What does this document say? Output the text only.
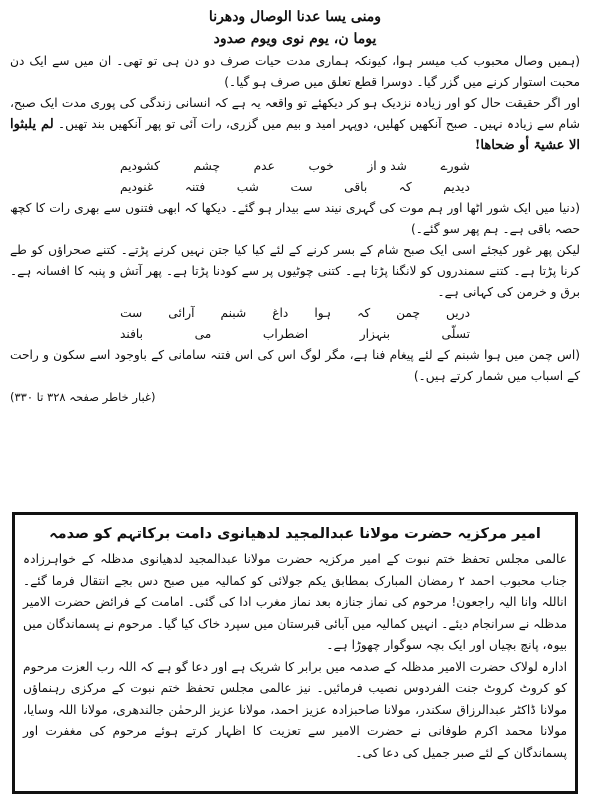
ومنی یسا عدنا الوصال ودھرنا

یوما ن، یوم نوی ویوم صدود

(ہمیں وصال محبوب کب میسر ہوا، کیونکہ ہماری مدت حیات صرف دو دن ہی تو تھی۔ ان میں سے ایک دن محبت استوار کرنے میں گزر گیا۔ دوسرا قطع تعلق میں صرف ہو گیا۔)

اور اگر حقیقت حال کو اور زیادہ نزدیک ہو کر دیکھئے تو واقعہ یہ ہے کہ انسانی زندگی کی پوری مدت ایک صبح، شام سے زیادہ نہیں۔ صبح آنکھیں کھلیں، دوپہر امید و بیم میں گزری، رات آئی تو پھر آنکھیں بند تھیں۔ لم یلبثوا الا عشیۃ أو ضحاھا!

شورے
شد و از
خوب
عدم
چشم
کشودیم
دیدیم
کہ
باقی
ست
شب
فتنہ
غنودیم

(دنیا میں ایک شور اٹھا اور ہم موت کی گہری نیند سے بیدار ہو گئے۔ دیکھا کہ ابھی فتنوں سے بھری رات کا کچھ حصہ باقی ہے۔ ہم پھر سو گئے۔)

لیکن پھر غور کیجئے اسی ایک صبح شام کے بسر کرنے کے لئے کیا کیا جتن نہیں کرنے پڑتے۔ کتنے صحراؤں کو طے کرنا پڑتا ہے۔ کتنے سمندروں کو لانگنا پڑتا ہے۔ کتنی چوٹیوں پر سے کودنا پڑتا ہے۔ پھر آتش و پنبہ کا افسانہ ہے۔ برق و خرمن کی کہانی ہے۔

دریں
چمن
کہ
ہوا
داغ
شبنم
آرائی
ست
تسلّی
بنہزار
اضطراب
می
بافند

(اس چمن میں ہوا شبنم کے لئے پیغام فنا ہے، مگر لوگ اس کی اس فتنہ سامانی کے باوجود اسے سکون و راحت کے اسباب میں شمار کرتے ہیں۔)

(غبار خاطر صفحہ ۳۲۸ تا ۳۳۰)

امیر مرکزیہ حضرت مولانا عبدالمجید لدھیانوی دامت برکاتہم کو صدمہ

عالمی مجلس تحفظ ختم نبوت کے امیر مرکزیہ حضرت مولانا عبدالمجید لدھیانوی مدظلہ کے خواہرزادہ جناب محبوب احمد ۲ رمضان المبارک بمطابق یکم جولائی کو کمالیہ میں صبح دس بجے انتقال فرما گئے۔ اناللہ وانا الیہ راجعون! مرحوم کی نماز جنازہ بعد نماز مغرب ادا کی گئی۔ امامت کے فرائض حضرت الامیر مدظلہ نے سرانجام دیئے۔ انہیں کمالیہ میں آبائی قبرستان میں سپرد خاک کیا گیا۔ مرحوم نے پسماندگان میں بیوہ، پانچ بچیاں اور ایک بچہ سوگوار چھوڑا ہے۔

ادارہ لولاک حضرت الامیر مدظلہ کے صدمہ میں برابر کا شریک ہے اور دعا گو ہے کہ اللہ رب العزت مرحوم کو کروٹ کروٹ جنت الفردوس نصیب فرمائیں۔ نیز عالمی مجلس تحفظ ختم نبوت کے مرکزی رہنماؤں مولانا ڈاکٹر عبدالرزاق سکندر، مولانا صاحبزادہ عزیز احمد، مولانا عزیز الرحمٰن جالندھری، مولانا اللہ وسایا، مولانا محمد اکرم طوفانی نے حضرت الامیر سے تعزیت کا اظہار کرتے ہوئے مرحوم کی مغفرت اور پسماندگان کے لئے صبر جمیل کی دعا کی۔
